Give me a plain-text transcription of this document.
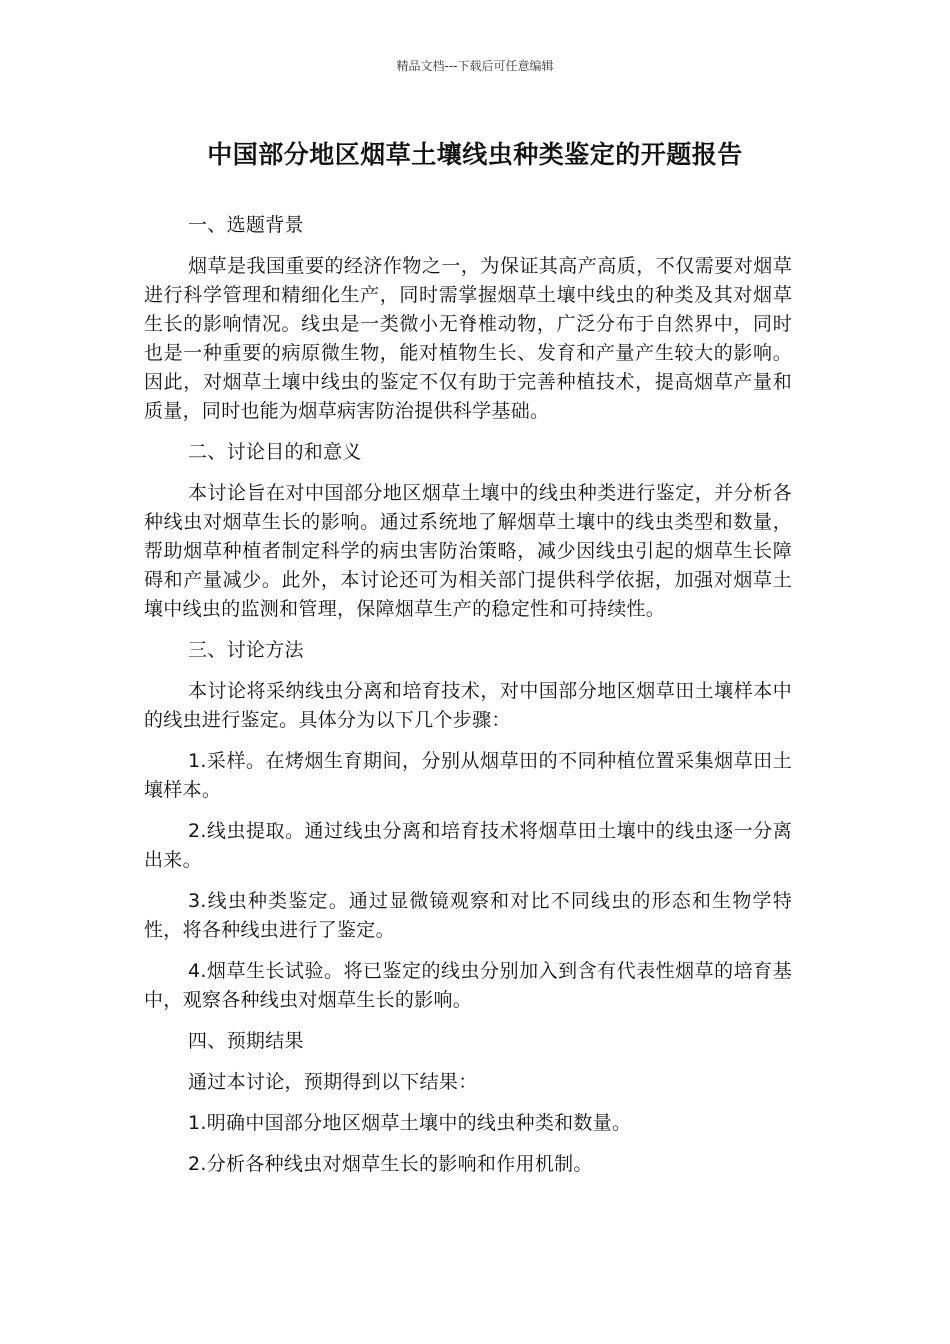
精品文档---下载后可任意编辑
中国部分地区烟草土壤线虫种类鉴定的开题报告

一、选题背景

烟草是我国重要的经济作物之一，为保证其高产高质，不仅需要对烟草进行科学管理和精细化生产，同时需掌握烟草土壤中线虫的种类及其对烟草生长的影响情况。线虫是一类微小无脊椎动物，广泛分布于自然界中，同时也是一种重要的病原微生物，能对植物生长、发育和产量产生较大的影响。因此，对烟草土壤中线虫的鉴定不仅有助于完善种植技术，提高烟草产量和质量，同时也能为烟草病害防治提供科学基础。

二、讨论目的和意义

本讨论旨在对中国部分地区烟草土壤中的线虫种类进行鉴定，并分析各种线虫对烟草生长的影响。通过系统地了解烟草土壤中的线虫类型和数量，帮助烟草种植者制定科学的病虫害防治策略，减少因线虫引起的烟草生长障碍和产量减少。此外，本讨论还可为相关部门提供科学依据，加强对烟草土壤中线虫的监测和管理，保障烟草生产的稳定性和可持续性。

三、讨论方法

本讨论将采纳线虫分离和培育技术，对中国部分地区烟草田土壤样本中的线虫进行鉴定。具体分为以下几个步骤：

1.采样。在烤烟生育期间，分别从烟草田的不同种植位置采集烟草田土壤样本。

2.线虫提取。通过线虫分离和培育技术将烟草田土壤中的线虫逐一分离出来。

3.线虫种类鉴定。通过显微镜观察和对比不同线虫的形态和生物学特性，将各种线虫进行了鉴定。

4.烟草生长试验。将已鉴定的线虫分别加入到含有代表性烟草的培育基中，观察各种线虫对烟草生长的影响。

四、预期结果

通过本讨论，预期得到以下结果：

1.明确中国部分地区烟草土壤中的线虫种类和数量。

2.分析各种线虫对烟草生长的影响和作用机制。
